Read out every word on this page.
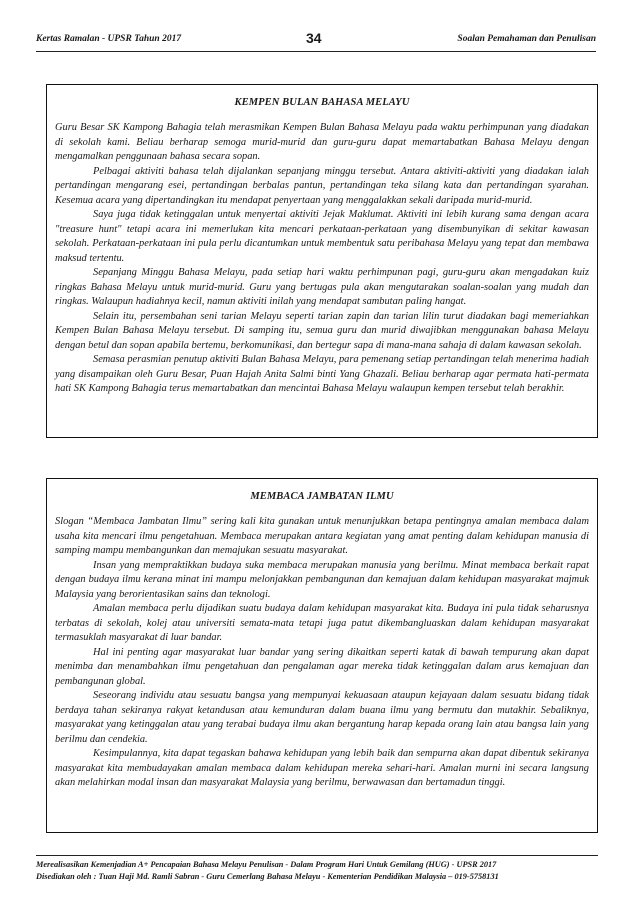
Kertas Ramalan - UPSR Tahun 2017	34	Soalan Pemahaman dan Penulisan
KEMPEN BULAN BAHASA MELAYU

Guru Besar SK Kampong Bahagia telah merasmikan Kempen Bulan Bahasa Melayu pada waktu perhimpunan yang diadakan di sekolah kami. Beliau berharap semoga murid-murid dan guru-guru dapat memartabatkan Bahasa Melayu dengan mengamalkan penggunaan bahasa secara sopan.

Pelbagai aktiviti bahasa telah dijalankan sepanjang minggu tersebut. Antara aktiviti-aktiviti yang diadakan ialah pertandingan mengarang esei, pertandingan berbalas pantun, pertandingan teka silang kata dan pertandingan syarahan. Kesemua acara yang dipertandingkan itu mendapat penyertaan yang menggalakkan sekali daripada murid-murid.

Saya juga tidak ketinggalan untuk menyertai aktiviti Jejak Maklumat. Aktiviti ini lebih kurang sama dengan acara "treasure hunt" tetapi acara ini memerlukan kita mencari perkataan-perkataan yang disembunyikan di sekitar kawasan sekolah. Perkataan-perkataan ini pula perlu dicantumkan untuk membentuk satu peribahasa Melayu yang tepat dan membawa maksud tertentu.

Sepanjang Minggu Bahasa Melayu, pada setiap hari waktu perhimpunan pagi, guru-guru akan mengadakan kuiz ringkas Bahasa Melayu untuk murid-murid. Guru yang bertugas pula akan mengutarakan soalan-soalan yang mudah dan ringkas. Walaupun hadiahnya kecil, namun aktiviti inilah yang mendapat sambutan paling hangat.

Selain itu, persembahan seni tarian Melayu seperti tarian zapin dan tarian lilin turut diadakan bagi memeriahkan Kempen Bulan Bahasa Melayu tersebut. Di samping itu, semua guru dan murid diwajibkan menggunakan bahasa Melayu dengan betul dan sopan apabila bertemu, berkomunikasi, dan bertegur sapa di mana-mana sahaja di dalam kawasan sekolah.

Semasa perasmian penutup aktiviti Bulan Bahasa Melayu, para pemenang setiap pertandingan telah menerima hadiah yang disampaikan oleh Guru Besar, Puan Hajah Anita Salmi binti Yang Ghazali. Beliau berharap agar permata hati-permata hati SK Kampong Bahagia terus memartabatkan dan mencintai Bahasa Melayu walaupun kempen tersebut telah berakhir.

MEMBACA JAMBATAN ILMU

Slogan “Membaca Jambatan Ilmu” sering kali kita gunakan untuk menunjukkan betapa pentingnya amalan membaca dalam usaha kita mencari ilmu pengetahuan. Membaca merupakan antara kegiatan yang amat penting dalam kehidupan manusia di samping mampu membangunkan dan memajukan sesuatu masyarakat.

Insan yang mempraktikkan budaya suka membaca merupakan manusia yang berilmu. Minat membaca berkait rapat dengan budaya ilmu kerana minat ini mampu melonjakkan pembangunan dan kemajuan dalam kehidupan masyarakat majmuk Malaysia yang berorientasikan sains dan teknologi.

Amalan membaca perlu dijadikan suatu budaya dalam kehidupan masyarakat kita. Budaya ini pula tidak seharusnya terbatas di sekolah, kolej atau universiti semata-mata tetapi juga patut dikembangluaskan dalam kehidupan masyarakat termasuklah masyarakat di luar bandar.

Hal ini penting agar masyarakat luar bandar yang sering dikaitkan seperti katak di bawah tempurung akan dapat menimba dan menambahkan ilmu pengetahuan dan pengalaman agar mereka tidak ketinggalan dalam arus kemajuan dan pembangunan global.

Seseorang individu atau sesuatu bangsa yang mempunyai kekuasaan ataupun kejayaan dalam sesuatu bidang tidak berdaya tahan sekiranya rakyat ketandusan atau kemunduran dalam buana ilmu yang bermutu dan mutakhir. Sebaliknya, masyarakat yang ketinggalan atau yang terabai budaya ilmu akan bergantung harap kepada orang lain atau bangsa lain yang berilmu dan cendekia.

Kesimpulannya, kita dapat tegaskan bahawa kehidupan yang lebih baik dan sempurna akan dapat dibentuk sekiranya masyarakat kita membudayakan amalan membaca dalam kehidupan mereka sehari-hari. Amalan murni ini secara langsung akan melahirkan modal insan dan masyarakat Malaysia yang berilmu, berwawasan dan bertamadun tinggi.

Merealisasikan Kemenjadian A+ Pencapaian Bahasa Melayu Penulisan - Dalam Program Hari Untuk Gemilang (HUG) - UPSR 2017
Disediakan oleh : Tuan Haji Md. Ramli Sabran - Guru Cemerlang Bahasa Melayu - Kementerian Pendidikan Malaysia – 019-5758131
